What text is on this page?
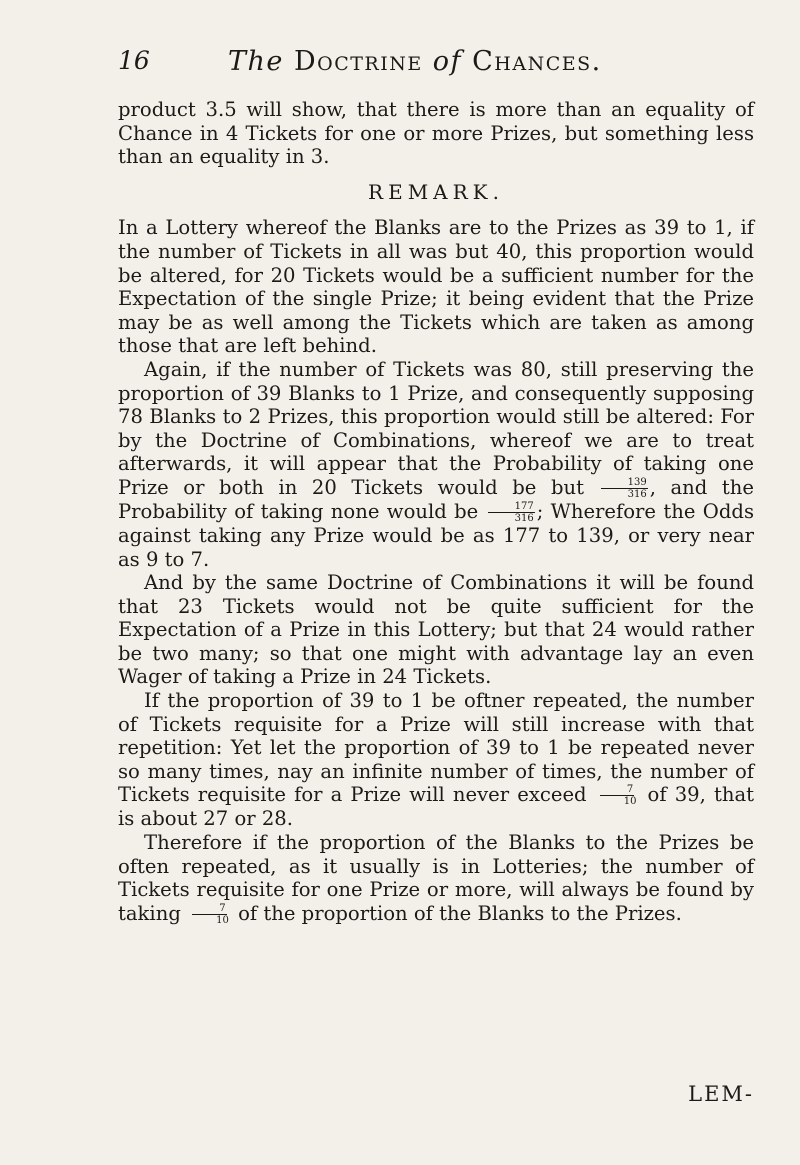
16	The Doctrine of Chances.

product 3.5 will show, that there is more than an equality of Chance in 4 Tickets for one or more Prizes, but something less than an equality in 3.

REMARK.

In a Lottery whereof the Blanks are to the Prizes as 39 to 1, if the number of Tickets in all was but 40, this proportion would be altered, for 20 Tickets would be a sufficient number for the Expectation of the single Prize; it being evident that the Prize may be as well among the Tickets which are taken as among those that are left behind.

Again, if the number of Tickets was 80, still preserving the proportion of 39 Blanks to 1 Prize, and consequently supposing 78 Blanks to 2 Prizes, this proportion would still be altered: For by the Doctrine of Combinations, whereof we are to treat afterwards, it will appear that the Probability of taking one Prize or both in 20 Tickets would be but $\frac{139}{316}$ , and the Probability of taking none would be $\frac{177}{316}$ ; Wherefore the Odds against taking any Prize would be as 177 to 139, or very near as 9 to 7.

And by the same Doctrine of Combinations it will be found that 23 Tickets would not be quite sufficient for the Expectation of a Prize in this Lottery; but that 24 would rather be two many; so that one might with advantage lay an even Wager of taking a Prize in 24 Tickets.

If the proportion of 39 to 1 be oftner repeated, the number of Tickets requisite for a Prize will still increase with that repetition: Yet let the proportion of 39 to 1 be repeated never so many times, nay an infinite number of times, the number of Tickets requisite for a Prize will never exceed $\frac{7}{10}$ of 39, that is about 27 or 28.

Therefore if the proportion of the Blanks to the Prizes be often repeated, as it usually is in Lotteries; the number of Tickets requisite for one Prize or more, will always be found by taking $\frac{7}{10}$ of the proportion of the Blanks to the Prizes.

LEM-
